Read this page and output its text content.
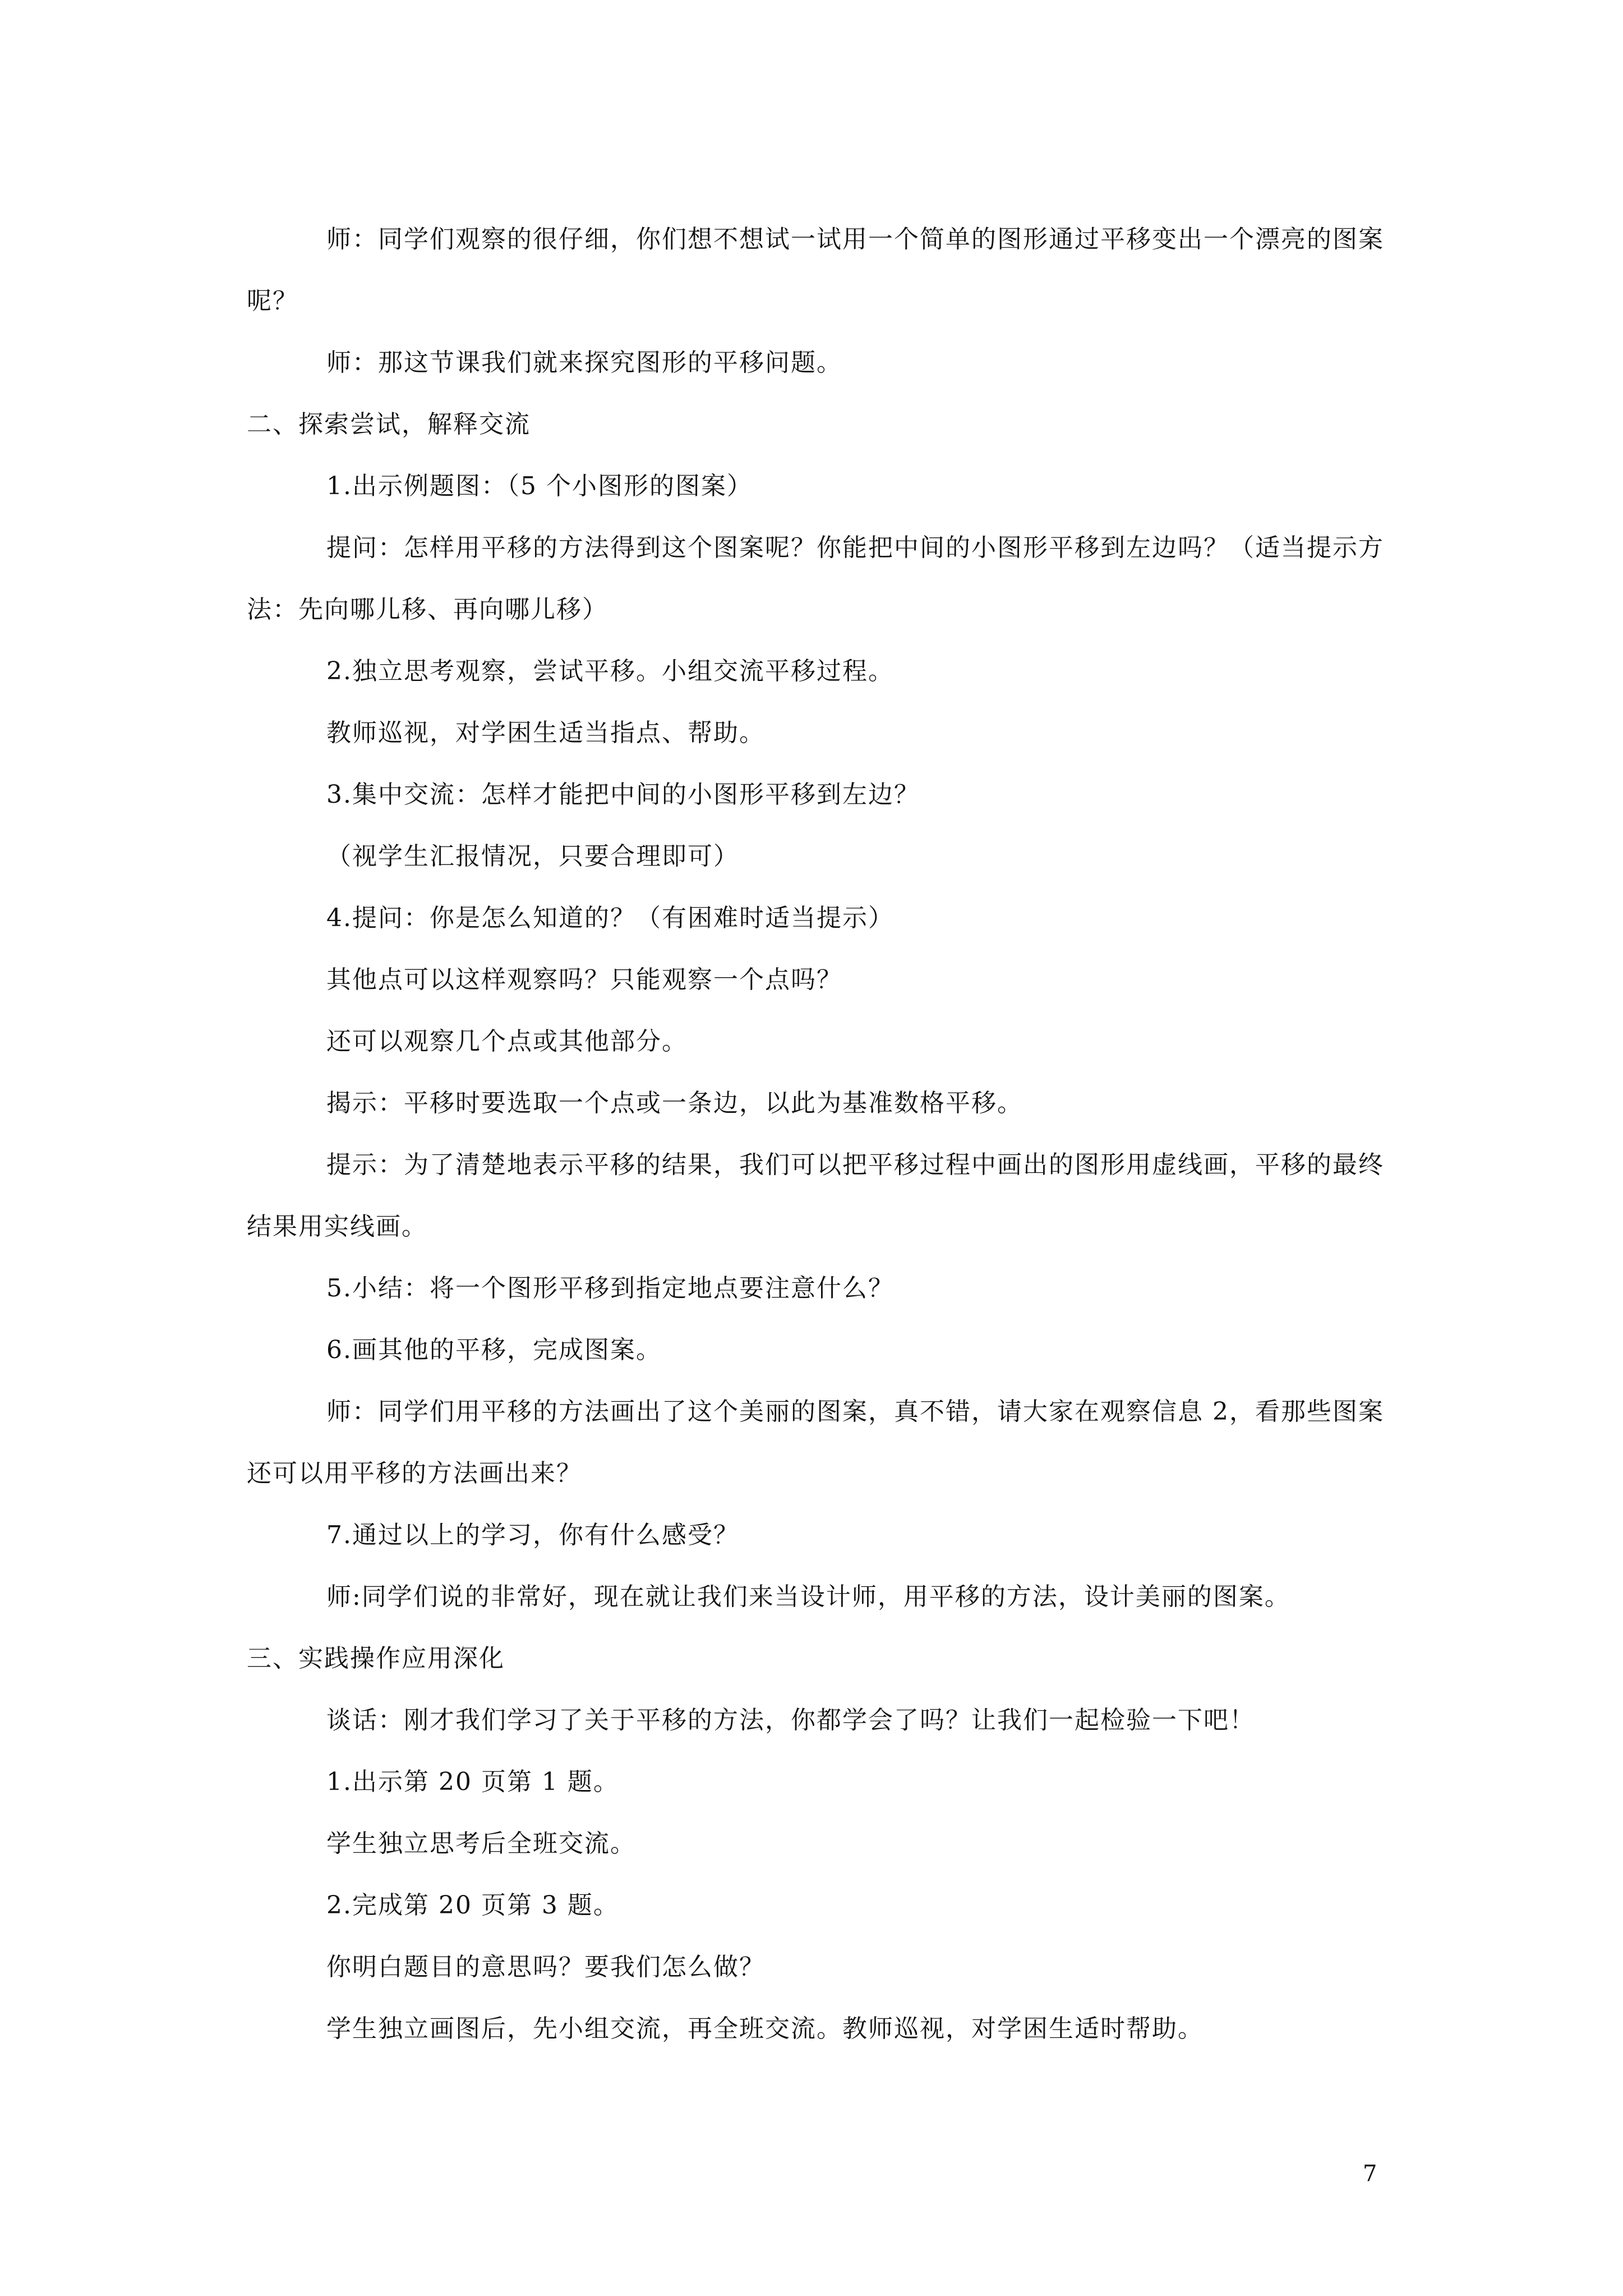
师：同学们观察的很仔细，你们想不想试一试用一个简单的图形通过平移变出一个漂亮的图案呢？

师：那这节课我们就来探究图形的平移问题。

二、探索尝试，解释交流

1.出示例题图：（5 个小图形的图案）

提问：怎样用平移的方法得到这个图案呢？你能把中间的小图形平移到左边吗？（适当提示方法：先向哪儿移、再向哪儿移）

2.独立思考观察，尝试平移。小组交流平移过程。

教师巡视，对学困生适当指点、帮助。

3.集中交流：怎样才能把中间的小图形平移到左边？

（视学生汇报情况，只要合理即可）

4.提问：你是怎么知道的？（有困难时适当提示）

其他点可以这样观察吗？只能观察一个点吗？

还可以观察几个点或其他部分。

揭示：平移时要选取一个点或一条边，以此为基准数格平移。

提示：为了清楚地表示平移的结果，我们可以把平移过程中画出的图形用虚线画，平移的最终结果用实线画。

5.小结：将一个图形平移到指定地点要注意什么？

6.画其他的平移，完成图案。

师：同学们用平移的方法画出了这个美丽的图案，真不错，请大家在观察信息 2，看那些图案还可以用平移的方法画出来？

7.通过以上的学习，你有什么感受？

师:同学们说的非常好，现在就让我们来当设计师，用平移的方法，设计美丽的图案。

三、实践操作应用深化

谈话：刚才我们学习了关于平移的方法，你都学会了吗？让我们一起检验一下吧！

1.出示第 20 页第 1 题。

学生独立思考后全班交流。

2.完成第 20 页第 3 题。

你明白题目的意思吗？要我们怎么做？

学生独立画图后，先小组交流，再全班交流。教师巡视，对学困生适时帮助。

7
